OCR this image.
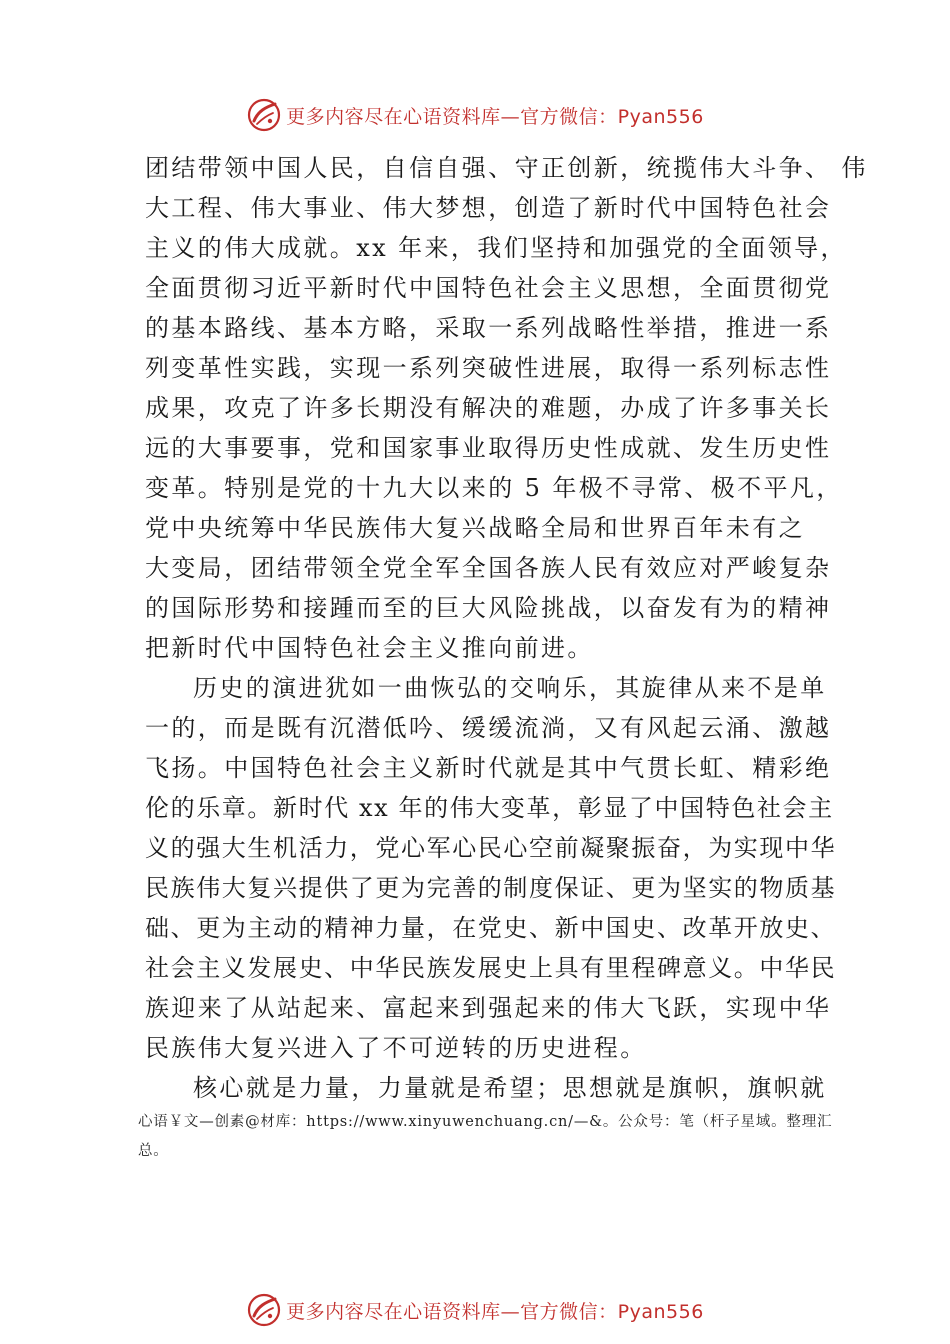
更多内容尽在心语资料库—官方微信：Pyan556
团结带领中国人民，自信自强、守正创新，统揽伟大斗争、 伟
大工程、伟大事业、伟大梦想，创造了新时代中国特色社会
主义的伟大成就。xx 年来，我们坚持和加强党的全面领导，
全面贯彻习近平新时代中国特色社会主义思想，全面贯彻党
的基本路线、基本方略，采取一系列战略性举措，推进一系
列变革性实践，实现一系列突破性进展，取得一系列标志性
成果，攻克了许多长期没有解决的难题，办成了许多事关长
远的大事要事，党和国家事业取得历史性成就、发生历史性
变革。特别是党的十九大以来的 5 年极不寻常、极不平凡，
党中央统筹中华民族伟大复兴战略全局和世界百年未有之
大变局，团结带领全党全军全国各族人民有效应对严峻复杂
的国际形势和接踵而至的巨大风险挑战，以奋发有为的精神
把新时代中国特色社会主义推向前进。
历史的演进犹如一曲恢弘的交响乐，其旋律从来不是单
一的，而是既有沉潜低吟、缓缓流淌，又有风起云涌、激越
飞扬。中国特色社会主义新时代就是其中气贯长虹、精彩绝
伦的乐章。新时代 xx 年的伟大变革，彰显了中国特色社会主
义的强大生机活力，党心军心民心空前凝聚振奋，为实现中华
民族伟大复兴提供了更为完善的制度保证、更为坚实的物质基
础、更为主动的精神力量，在党史、新中国史、改革开放史、
社会主义发展史、中华民族发展史上具有里程碑意义。中华民
族迎来了从站起来、富起来到强起来的伟大飞跃，实现中华
民族伟大复兴进入了不可逆转的历史进程。
核心就是力量，力量就是希望；思想就是旗帜，旗帜就
心语￥文—创素@材库：https://www.xinyuwenchuang.cn/—&。公众号：笔（杆子星域。整理汇总。
更多内容尽在心语资料库—官方微信：Pyan556
